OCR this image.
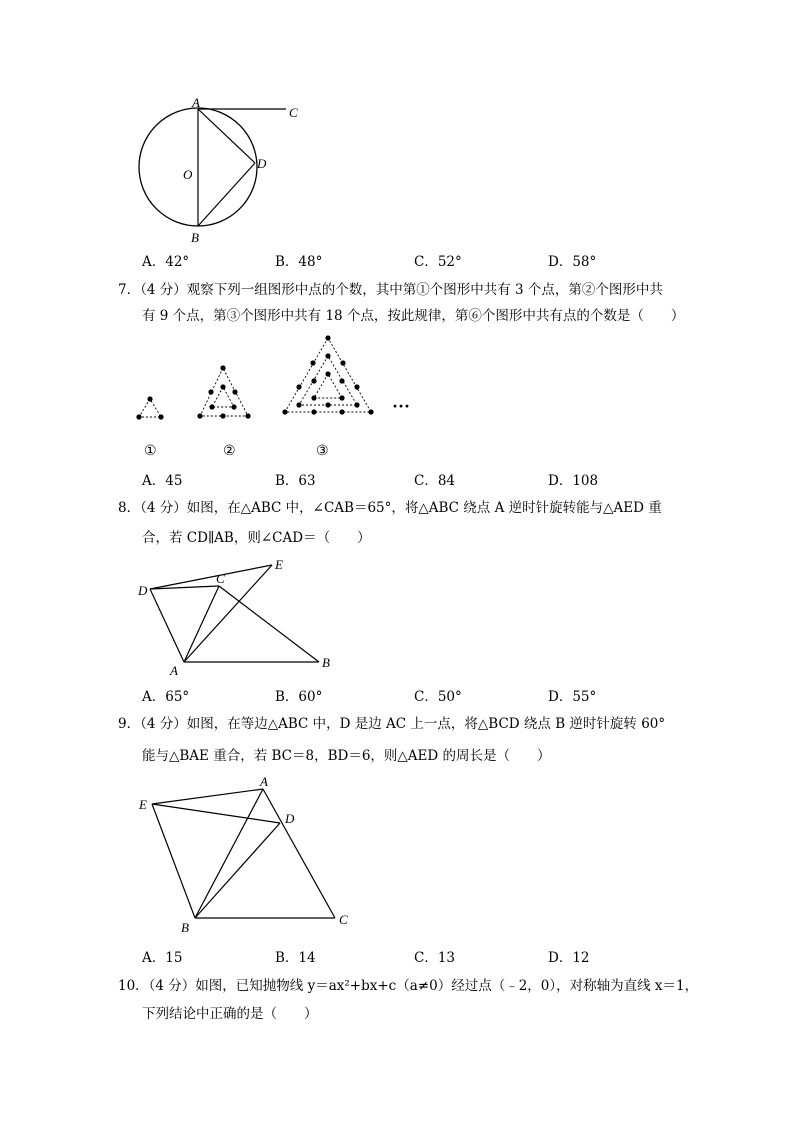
A
C
D
O
B
A．42°	B．48°	C．52°	D．58°
7．（4 分）观察下列一组图形中点的个数，其中第①个图形中共有 3 个点，第②个图形中共
有 9 个点，第③个图形中共有 18 个点，按此规律，第⑥个图形中共有点的个数是（　　）
①	②	③
···
A．45	B．63	C．84	D．108
8．（4 分）如图，在△ABC 中，∠CAB＝65°，将△ABC 绕点 A 逆时针旋转能与△AED 重
合，若 CD∥AB，则∠CAD＝（　　）
D
C
E
A
B
A．65°	B．60°	C．50°	D．55°
9．（4 分）如图，在等边△ABC 中，D 是边 AC 上一点，将△BCD 绕点 B 逆时针旋转 60°
能与△BAE 重合，若 BC＝8，BD＝6，则△AED 的周长是（　　）
E
A
D
B
C
A．15	B．14	C．13	D．12
10．（4 分）如图，已知抛物线 y＝ax²+bx+c（a≠0）经过点（﹣2，0），对称轴为直线 x＝1，
下列结论中正确的是（　　）
